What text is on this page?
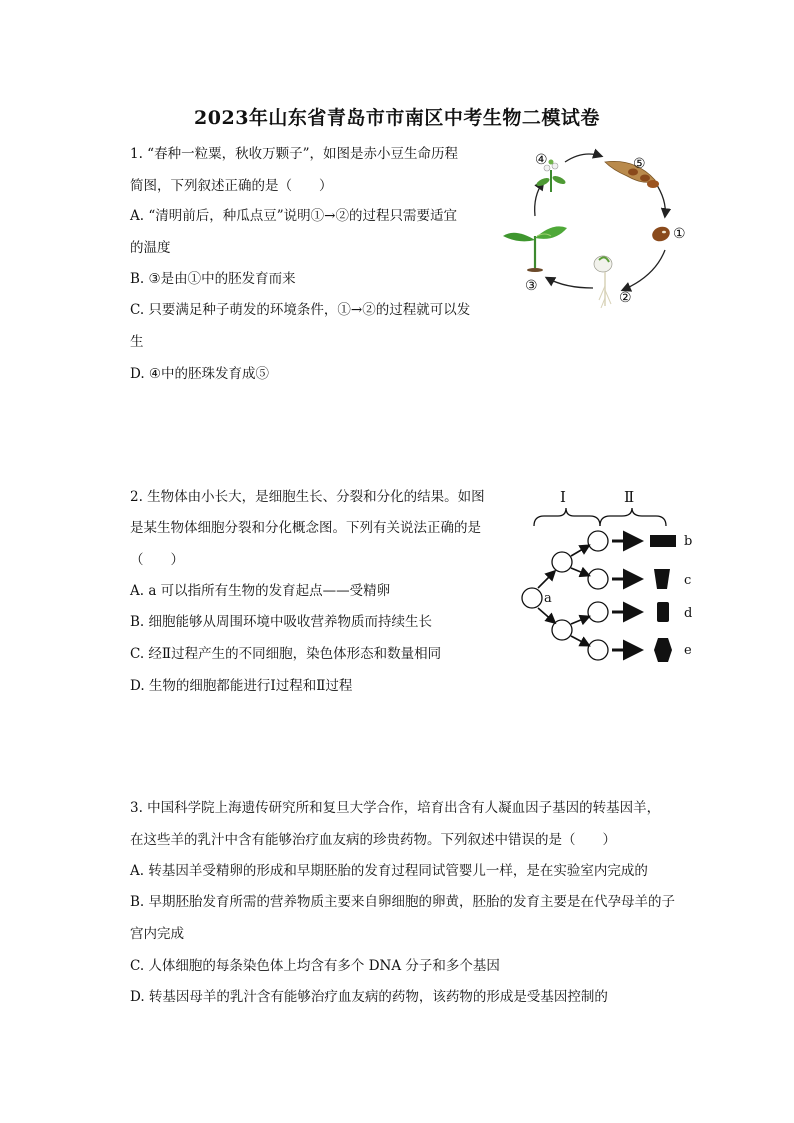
2023年山东省青岛市市南区中考生物二模试卷
1. “春种一粒粟，秋收万颗子”，如图是赤小豆生命历程
简图，下列叙述正确的是（　　）
A. “清明前后，种瓜点豆”说明①→②的过程只需要适宜
的温度
B. ③是由①中的胚发育而来
C. 只要满足种子萌发的环境条件，①→②的过程就可以发
生
D. ④中的胚珠发育成⑤
④	⑤
①
②
③
2. 生物体由小长大，是细胞生长、分裂和分化的结果。如图
是某生物体细胞分裂和分化概念图。下列有关说法正确的是
（　　）
A. a 可以指所有生物的发育起点——受精卵
B. 细胞能够从周围环境中吸收营养物质而持续生长
C. 经Ⅱ过程产生的不同细胞，染色体形态和数量相同
D. 生物的细胞都能进行Ⅰ过程和Ⅱ过程
Ⅰ	Ⅱ
a
b
c
d
e
3. 中国科学院上海遗传研究所和复旦大学合作，培育出含有人凝血因子基因的转基因羊，
在这些羊的乳汁中含有能够治疗血友病的珍贵药物。下列叙述中错误的是（　　）
A. 转基因羊受精卵的形成和早期胚胎的发育过程同试管婴儿一样，是在实验室内完成的
B. 早期胚胎发育所需的营养物质主要来自卵细胞的卵黄，胚胎的发育主要是在代孕母羊的子
宫内完成
C. 人体细胞的每条染色体上均含有多个 DNA 分子和多个基因
D. 转基因母羊的乳汁含有能够治疗血友病的药物，该药物的形成是受基因控制的
